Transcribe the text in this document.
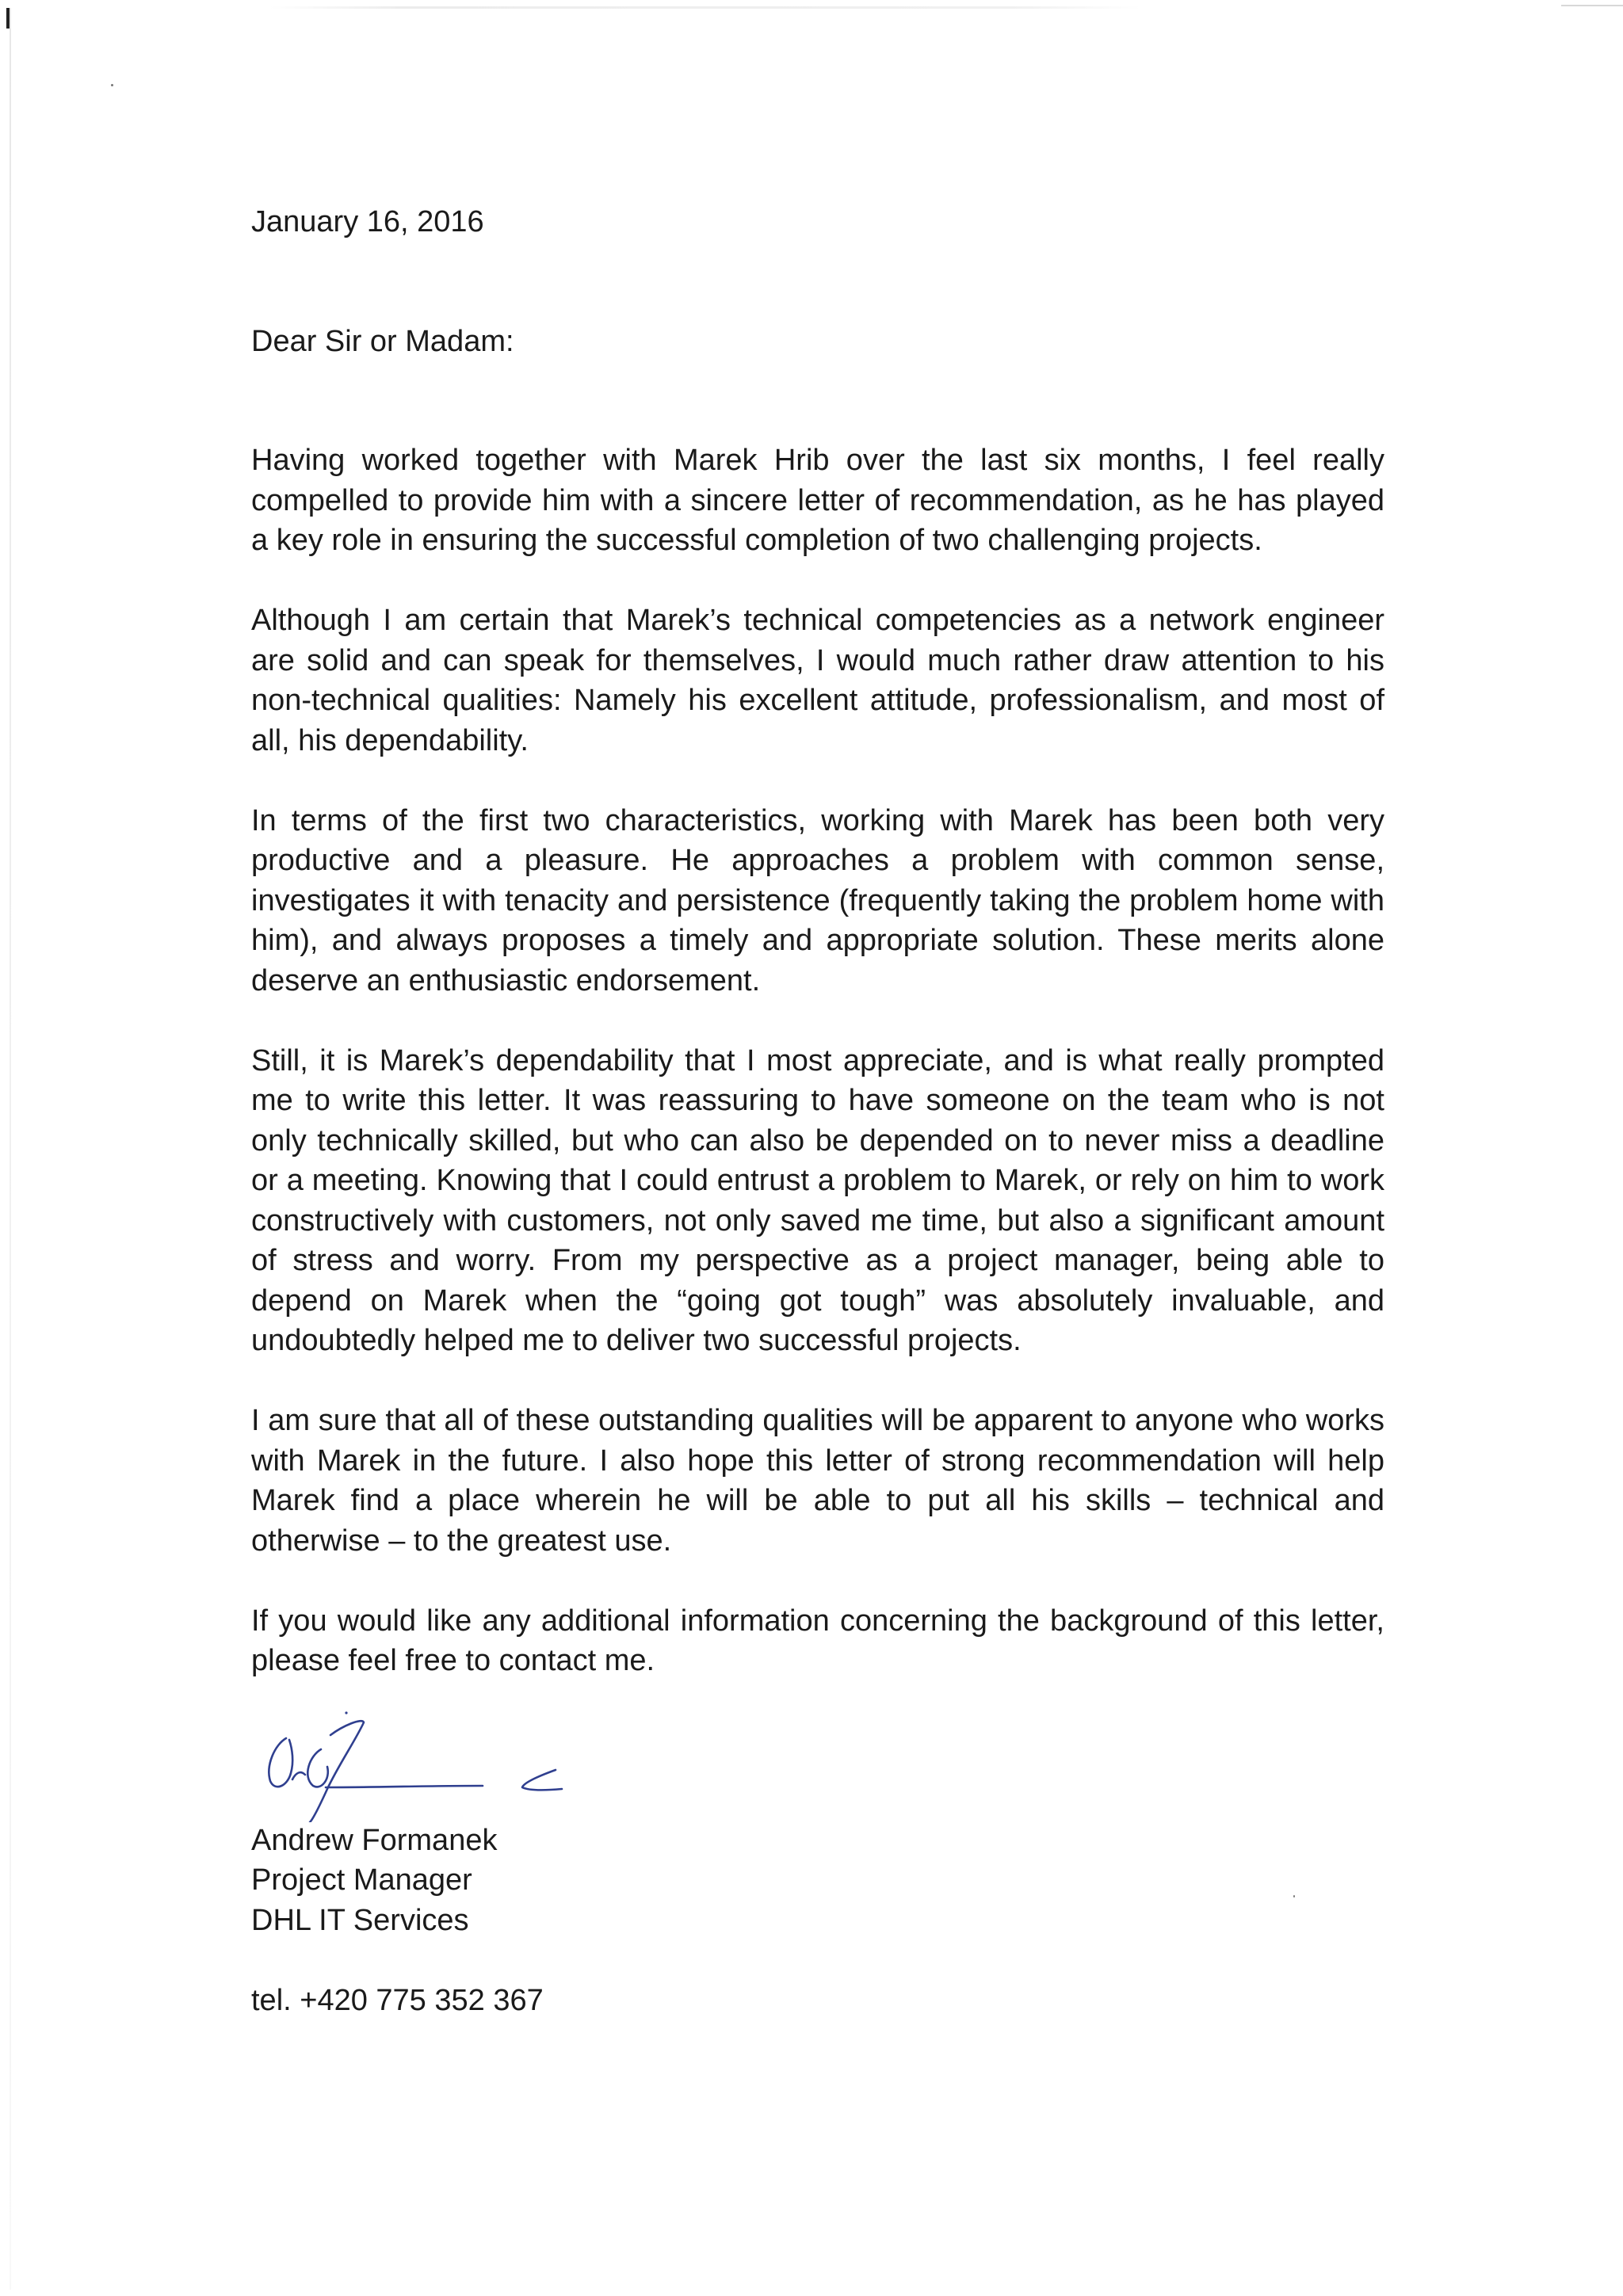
January 16, 2016
Dear Sir or Madam:

Having worked together with Marek Hrib over the last six months, I feel really compelled to provide him with a sincere letter of recommendation, as he has played a key role in ensuring the successful completion of two challenging projects.

Although I am certain that Marek’s technical competencies as a network engineer are solid and can speak for themselves, I would much rather draw attention to his non-technical qualities: Namely his excellent attitude, professionalism, and most of all, his dependability.

In terms of the first two characteristics, working with Marek has been both very productive and a pleasure. He approaches a problem with common sense, investigates it with tenacity and persistence (frequently taking the problem home with him), and always proposes a timely and appropriate solution. These merits alone deserve an enthusiastic endorsement.

Still, it is Marek’s dependability that I most appreciate, and is what really prompted me to write this letter. It was reassuring to have someone on the team who is not only technically skilled, but who can also be depended on to never miss a deadline or a meeting. Knowing that I could entrust a problem to Marek, or rely on him to work constructively with customers, not only saved me time, but also a significant amount of stress and worry. From my perspective as a project manager, being able to depend on Marek when the “going got tough” was absolutely invaluable, and undoubtedly helped me to deliver two successful projects.

I am sure that all of these outstanding qualities will be apparent to anyone who works with Marek in the future. I also hope this letter of strong recommendation will help Marek find a place wherein he will be able to put all his skills – technical and otherwise – to the greatest use.

If you would like any additional information concerning the background of this letter, please feel free to contact me.

Andrew Formanek
Project Manager
DHL IT Services
tel. +420 775 352 367
